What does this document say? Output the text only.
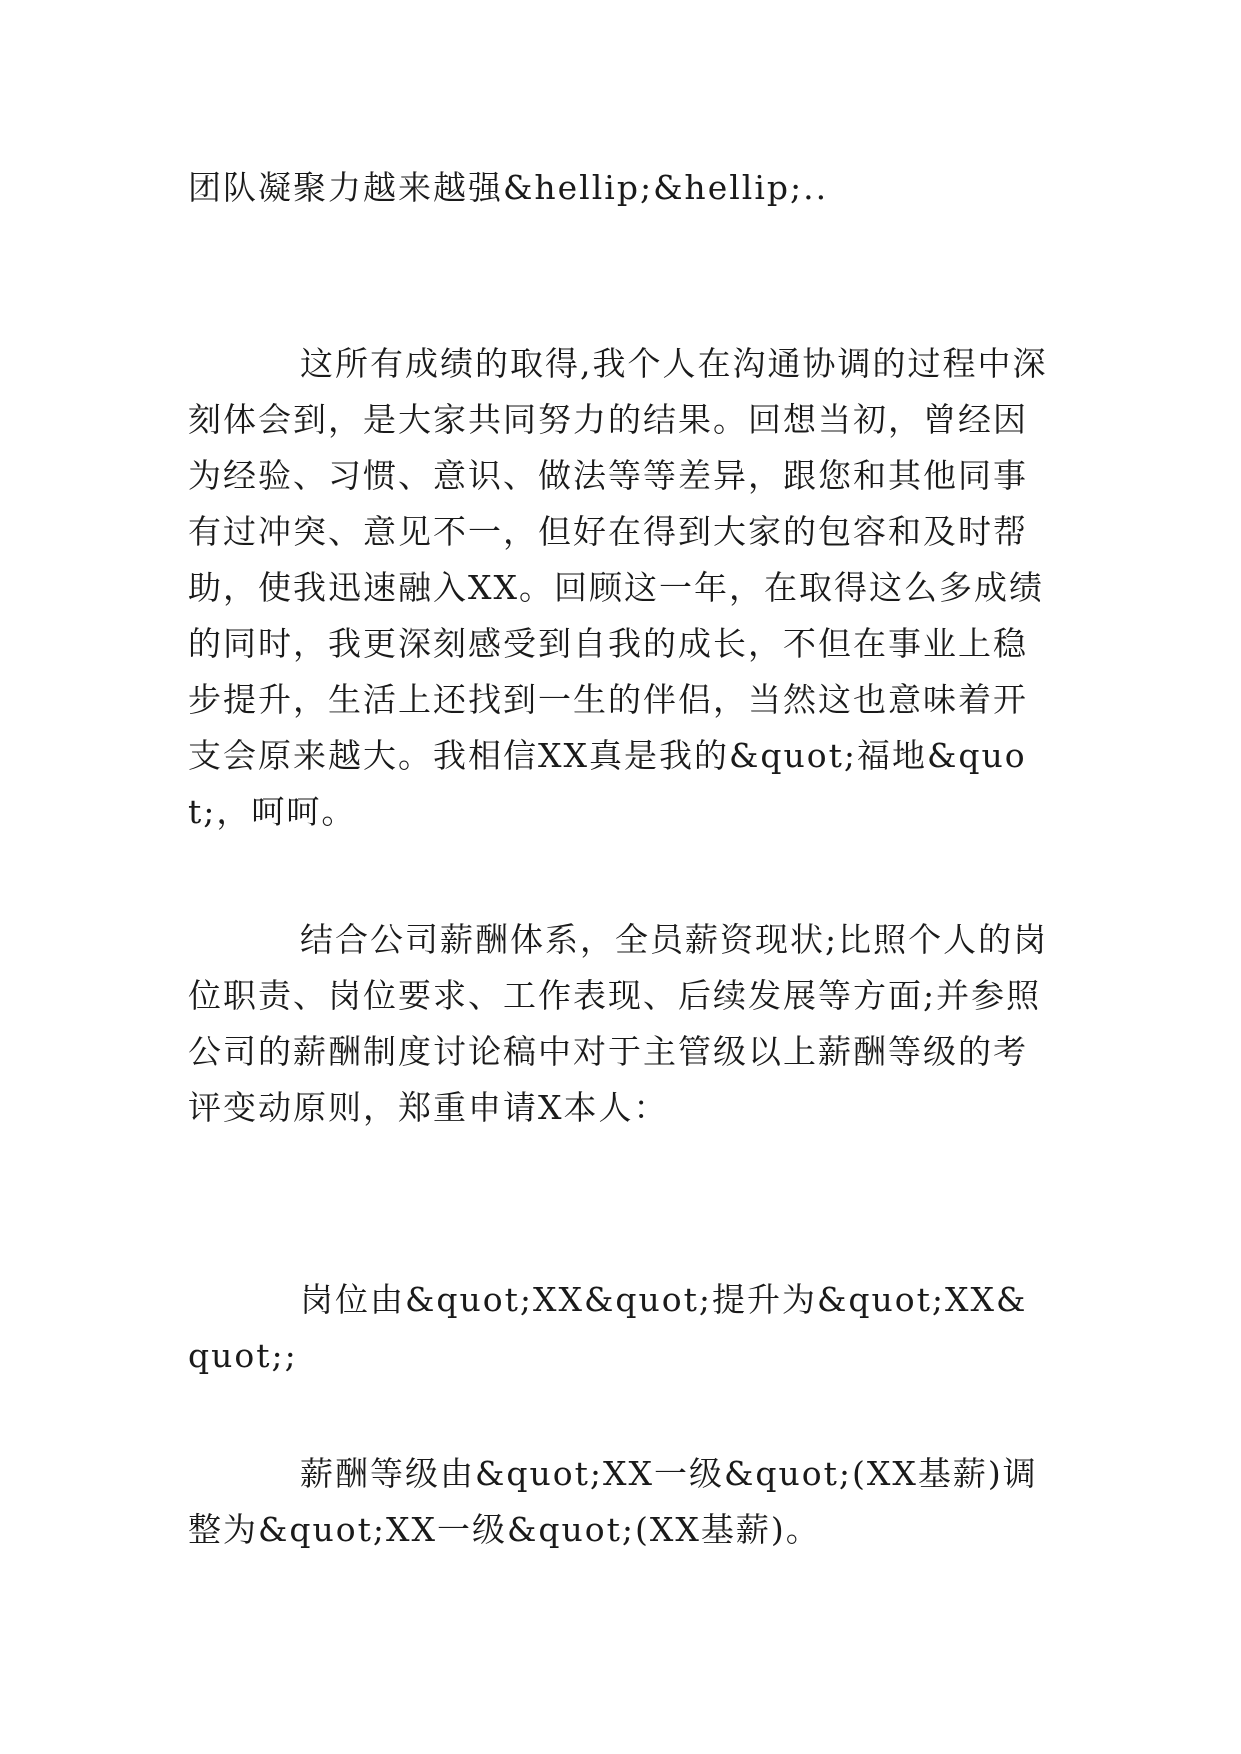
团队凝聚力越来越强&hellip;&hellip;..

这所有成绩的取得,我个人在沟通协调的过程中深刻体会到，是大家共同努力的结果。回想当初，曾经因为经验、习惯、意识、做法等等差异，跟您和其他同事有过冲突、意见不一，但好在得到大家的包容和及时帮助，使我迅速融入XX。回顾这一年，在取得这么多成绩的同时，我更深刻感受到自我的成长，不但在事业上稳步提升，生活上还找到一生的伴侣，当然这也意味着开支会原来越大。我相信XX真是我的&quot;福地&quot;，呵呵。

结合公司薪酬体系，全员薪资现状;比照个人的岗位职责、岗位要求、工作表现、后续发展等方面;并参照公司的薪酬制度讨论稿中对于主管级以上薪酬等级的考评变动原则，郑重申请X本人：

岗位由&quot;XX&quot;提升为&quot;XX&quot;;

薪酬等级由&quot;XX一级&quot;(XX基薪)调整为&quot;XX一级&quot;(XX基薪)。
